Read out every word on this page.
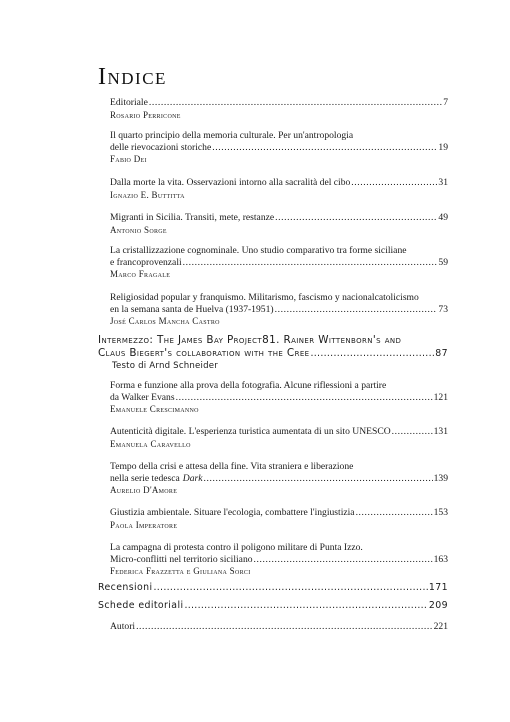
Indice
Editoriale .....	7
Rosario Perricone
Il quarto principio della memoria culturale. Per un'antropologia
delle rievocazioni storiche .....	19
Fabio Dei
Dalla morte la vita. Osservazioni intorno alla sacralità del cibo .....	31
Ignazio E. Buttitta
Migranti in Sicilia. Transiti, mete, restanze .....	49
Antonio Sorge
La cristallizzazione cognominale. Uno studio comparativo tra forme siciliane
e francoprovenzali .....	59
Marco Fragale
Religiosidad popular y franquismo. Militarismo, fascismo y nacionalcatolicismo
en la semana santa de Huelva (1937-1951) .....	73
José Carlos Mancha Castro
Intermezzo: The James Bay Project81. Rainer Wittenborn's and
Claus Biegert's collaboration with the Cree .....	87
Testo di Arnd Schneider
Forma e funzione alla prova della fotografia. Alcune riflessioni a partire
da Walker Evans .....	121
Emanuele Crescimanno
Autenticità digitale. L'esperienza turistica aumentata di un sito UNESCO .....	131
Emanuela Caravello
Tempo della crisi e attesa della fine. Vita straniera e liberazione
nella serie tedesca Dark .....	139
Aurelio D'Amore
Giustizia ambientale. Situare l'ecologia, combattere l'ingiustizia .....	153
Paola Imperatore
La campagna di protesta contro il poligono militare di Punta Izzo.
Micro-conflitti nel territorio siciliano .....	163
Federica Frazzetta e Giuliana Sorci
Recensioni .....	171
Schede editoriali .....	209
Autori .....	221
